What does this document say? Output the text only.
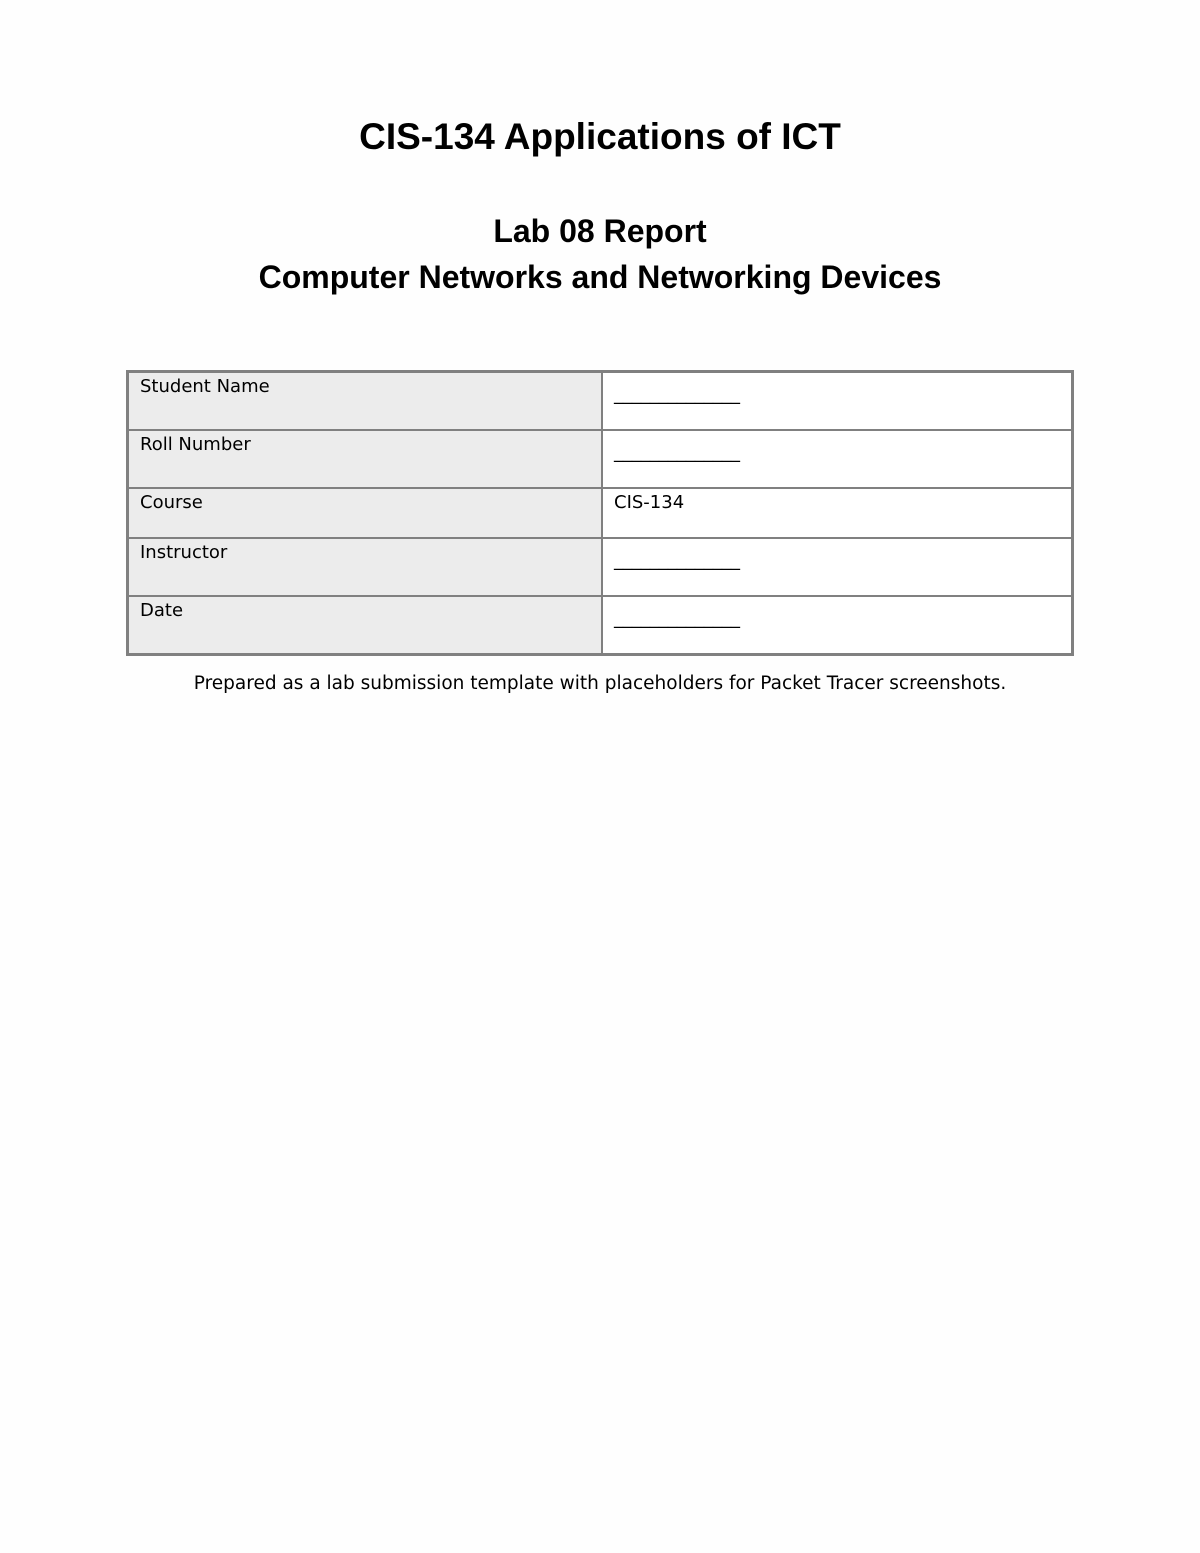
CIS-134 Applications of ICT
Lab 08 Report
Computer Networks and Networking Devices
Student Name	______________
Roll Number	______________
Course	CIS-134
Instructor	______________
Date	______________

Prepared as a lab submission template with placeholders for Packet Tracer screenshots.
